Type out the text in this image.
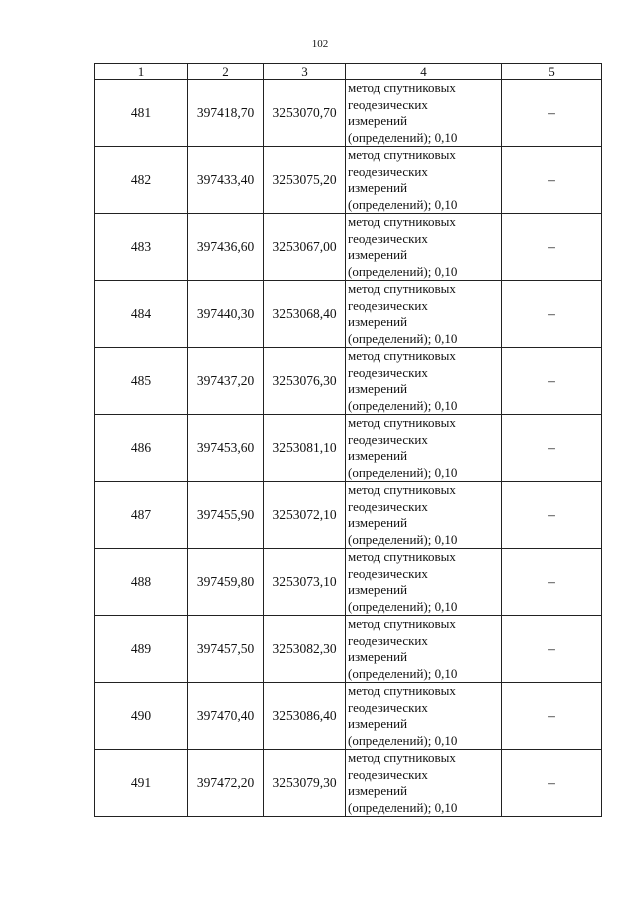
102
1	2	3	4	5
481	397418,70	3253070,70	метод спутниковых
геодезических
измерений
(определений); 0,10	–
482	397433,40	3253075,20	метод спутниковых
геодезических
измерений
(определений); 0,10	–
483	397436,60	3253067,00	метод спутниковых
геодезических
измерений
(определений); 0,10	–
484	397440,30	3253068,40	метод спутниковых
геодезических
измерений
(определений); 0,10	–
485	397437,20	3253076,30	метод спутниковых
геодезических
измерений
(определений); 0,10	–
486	397453,60	3253081,10	метод спутниковых
геодезических
измерений
(определений); 0,10	–
487	397455,90	3253072,10	метод спутниковых
геодезических
измерений
(определений); 0,10	–
488	397459,80	3253073,10	метод спутниковых
геодезических
измерений
(определений); 0,10	–
489	397457,50	3253082,30	метод спутниковых
геодезических
измерений
(определений); 0,10	–
490	397470,40	3253086,40	метод спутниковых
геодезических
измерений
(определений); 0,10	–
491	397472,20	3253079,30	метод спутниковых
геодезических
измерений
(определений); 0,10	–
